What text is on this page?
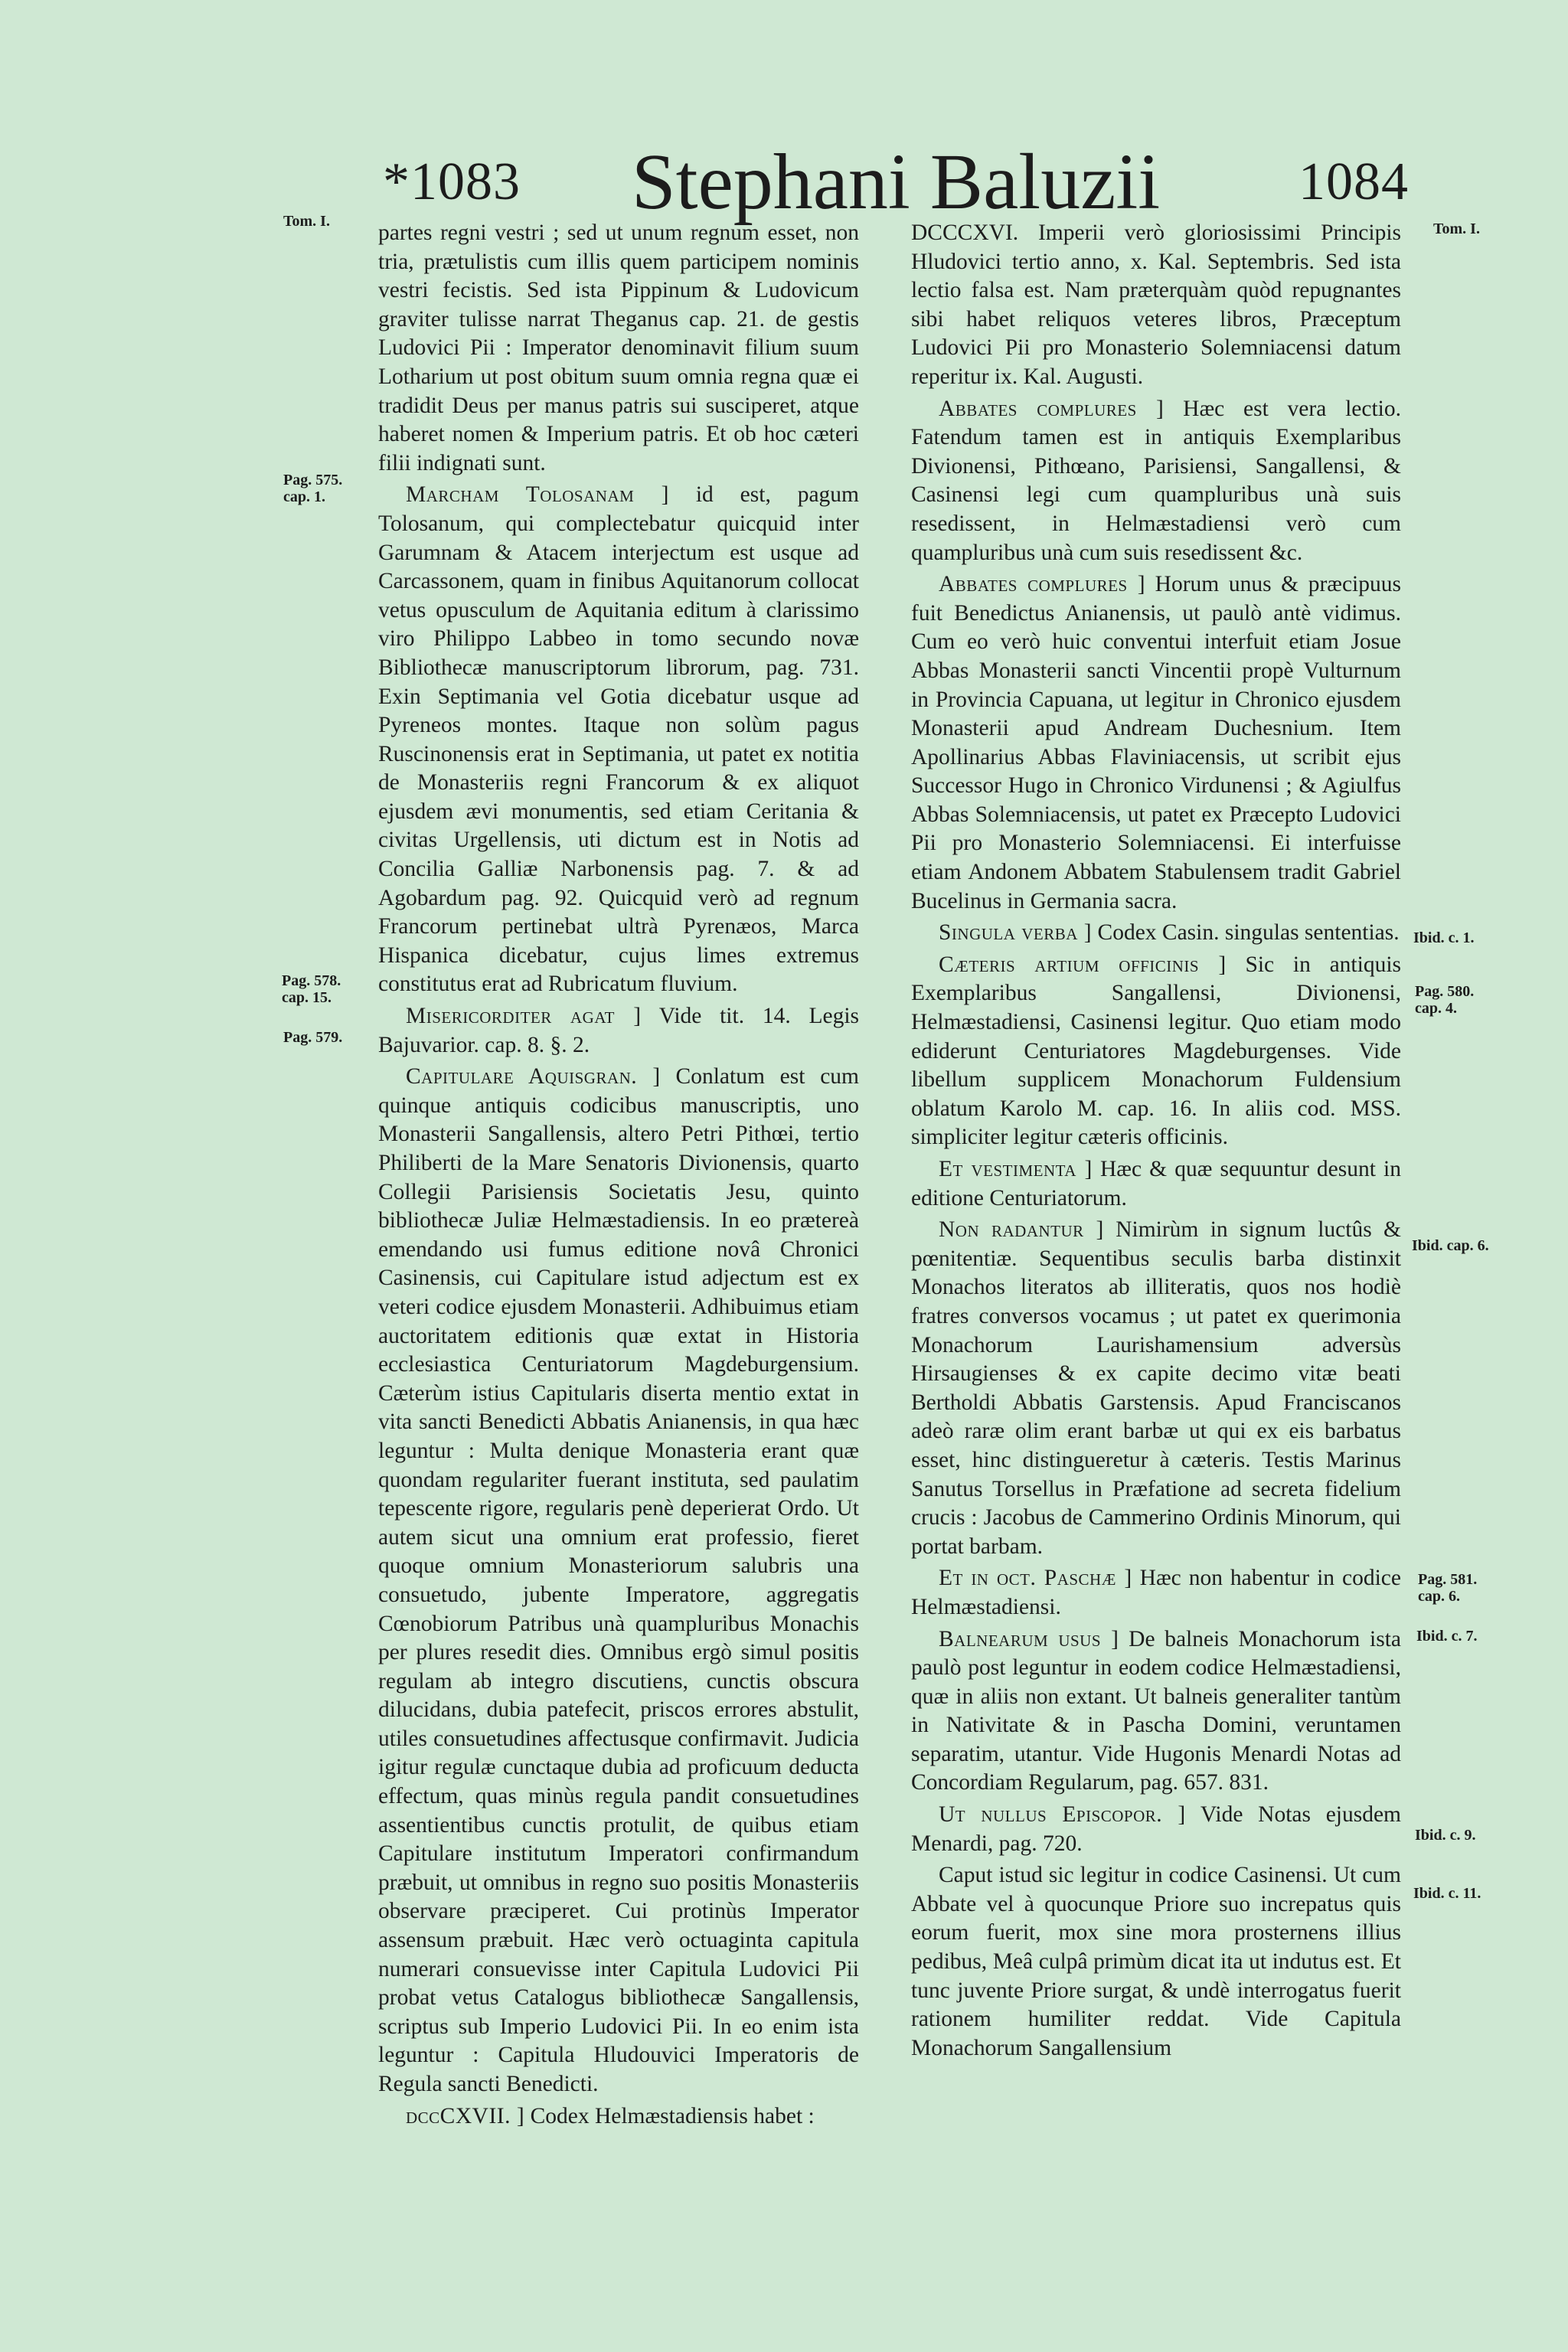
*1083	Stephani Baluzii	1084
Tom. I.
Pag. 575.
cap. 1.
Pag. 578.
cap. 15.
Pag. 579.
Tom. I.
Ibid. c. 1.
Pag. 580.
cap. 4.
Ibid. cap. 6.
Pag. 581.
cap. 6.
Ibid. c. 7.
Ibid. c. 9.
Ibid. c. 11.

partes regni vestri ; sed ut unum regnum esset, non tria, prætulistis cum illis quem participem nominis vestri fecistis. Sed ista Pippinum & Ludovicum graviter tulisse narrat Theganus cap. 21. de gestis Ludovici Pii : Imperator denominavit filium suum Lotharium ut post obitum suum omnia regna quæ ei tradidit Deus per manus patris sui susciperet, atque haberet nomen & Imperium patris. Et ob hoc cæteri filii indignati sunt.

Marcham Tolosanam ] id est, pagum Tolosanum, qui complectebatur quicquid inter Garumnam & Atacem interjectum est usque ad Carcassonem, quam in finibus Aquitanorum collocat vetus opusculum de Aquitania editum à clarissimo viro Philippo Labbeo in tomo secundo novæ Bibliothecæ manuscriptorum librorum, pag. 731. Exin Septimania vel Gotia dicebatur usque ad Pyreneos montes. Itaque non solùm pagus Ruscinonensis erat in Septimania, ut patet ex notitia de Monasteriis regni Francorum & ex aliquot ejusdem ævi monumentis, sed etiam Ceritania & civitas Urgellensis, uti dictum est in Notis ad Concilia Galliæ Narbonensis pag. 7. & ad Agobardum pag. 92. Quicquid verò ad regnum Francorum pertinebat ultrà Pyrenæos, Marca Hispanica dicebatur, cujus limes extremus constitutus erat ad Rubricatum fluvium.

Misericorditer agat ] Vide tit. 14. Legis Bajuvarior. cap. 8. §. 2.

Capitulare Aquisgran. ] Conlatum est cum quinque antiquis codicibus manuscriptis, uno Monasterii Sangallensis, altero Petri Pithœi, tertio Philiberti de la Mare Senatoris Divionensis, quarto Collegii Parisiensis Societatis Jesu, quinto bibliothecæ Juliæ Helmæstadiensis. In eo prætereà emendando usi fumus editione novâ Chronici Casinensis, cui Capitulare istud adjectum est ex veteri codice ejusdem Monasterii. Adhibuimus etiam auctoritatem editionis quæ extat in Historia ecclesiastica Centuriatorum Magdeburgensium. Cæterùm istius Capitularis diserta mentio extat in vita sancti Benedicti Abbatis Anianensis, in qua hæc leguntur : Multa denique Monasteria erant quæ quondam regulariter fuerant instituta, sed paulatim tepescente rigore, regularis penè deperierat Ordo. Ut autem sicut una omnium erat professio, fieret quoque omnium Monasteriorum salubris una consuetudo, jubente Imperatore, aggregatis Cœnobiorum Patribus unà quampluribus Monachis per plures resedit dies. Omnibus ergò simul positis regulam ab integro discutiens, cunctis obscura dilucidans, dubia patefecit, priscos errores abstulit, utiles consuetudines affectusque confirmavit. Judicia igitur regulæ cunctaque dubia ad proficuum deducta effectum, quas minùs regula pandit consuetudines assentientibus cunctis protulit, de quibus etiam Capitulare institutum Imperatori confirmandum præbuit, ut omnibus in regno suo positis Monasteriis observare præciperet. Cui protinùs Imperator assensum præbuit. Hæc verò octuaginta capitula numerari consuevisse inter Capitula Ludovici Pii probat vetus Catalogus bibliothecæ Sangallensis, scriptus sub Imperio Ludovici Pii. In eo enim ista leguntur : Capitula Hludouvici Imperatoris de Regula sancti Benedicti.

dccCXVII. ] Codex Helmæstadiensis habet :

DCCCXVI. Imperii verò gloriosissimi Principis Hludovici tertio anno, x. Kal. Septembris. Sed ista lectio falsa est. Nam præterquàm quòd repugnantes sibi habet reliquos veteres libros, Præceptum Ludovici Pii pro Monasterio Solemniacensi datum reperitur ix. Kal. Augusti.

Abbates complures ] Hæc est vera lectio. Fatendum tamen est in antiquis Exemplaribus Divionensi, Pithœano, Parisiensi, Sangallensi, & Casinensi legi cum quampluribus unà suis resedissent, in Helmæstadiensi verò cum quampluribus unà cum suis resedissent &c.

Abbates complures ] Horum unus & præcipuus fuit Benedictus Anianensis, ut paulò antè vidimus. Cum eo verò huic conventui interfuit etiam Josue Abbas Monasterii sancti Vincentii propè Vulturnum in Provincia Capuana, ut legitur in Chronico ejusdem Monasterii apud Andream Duchesnium. Item Apollinarius Abbas Flaviniacensis, ut scribit ejus Successor Hugo in Chronico Virdunensi ; & Agiulfus Abbas Solemniacensis, ut patet ex Præcepto Ludovici Pii pro Monasterio Solemniacensi. Ei interfuisse etiam Andonem Abbatem Stabulensem tradit Gabriel Bucelinus in Germania sacra.

Singula verba ] Codex Casin. singulas sententias.

Cæteris artium officinis ] Sic in antiquis Exemplaribus Sangallensi, Divionensi, Helmæstadiensi, Casinensi legitur. Quo etiam modo ediderunt Centuriatores Magdeburgenses. Vide libellum supplicem Monachorum Fuldensium oblatum Karolo M. cap. 16. In aliis cod. MSS. simpliciter legitur cæteris officinis.

Et vestimenta ] Hæc & quæ sequuntur desunt in editione Centuriatorum.

Non radantur ] Nimirùm in signum luctûs & pœnitentiæ. Sequentibus seculis barba distinxit Monachos literatos ab illiteratis, quos nos hodiè fratres conversos vocamus ; ut patet ex querimonia Monachorum Laurishamensium adversùs Hirsaugienses & ex capite decimo vitæ beati Bertholdi Abbatis Garstensis. Apud Franciscanos adeò raræ olim erant barbæ ut qui ex eis barbatus esset, hinc distingueretur à cæteris. Testis Marinus Sanutus Torsellus in Præfatione ad secreta fidelium crucis : Jacobus de Cammerino Ordinis Minorum, qui portat barbam.

Et in oct. Paschæ ] Hæc non habentur in codice Helmæstadiensi.

Balnearum usus ] De balneis Monachorum ista paulò post leguntur in eodem codice Helmæstadiensi, quæ in aliis non extant. Ut balneis generaliter tantùm in Nativitate & in Pascha Domini, veruntamen separatim, utantur. Vide Hugonis Menardi Notas ad Concordiam Regularum, pag. 657. 831.

Ut nullus Episcopor. ] Vide Notas ejusdem Menardi, pag. 720.

Caput istud sic legitur in codice Casinensi. Ut cum Abbate vel à quocunque Priore suo increpatus quis eorum fuerit, mox sine mora prosternens illius pedibus, Meâ culpâ primùm dicat ita ut indutus est. Et tunc juvente Priore surgat, & undè interrogatus fuerit rationem humiliter reddat. Vide Capitula Monachorum Sangallensium
